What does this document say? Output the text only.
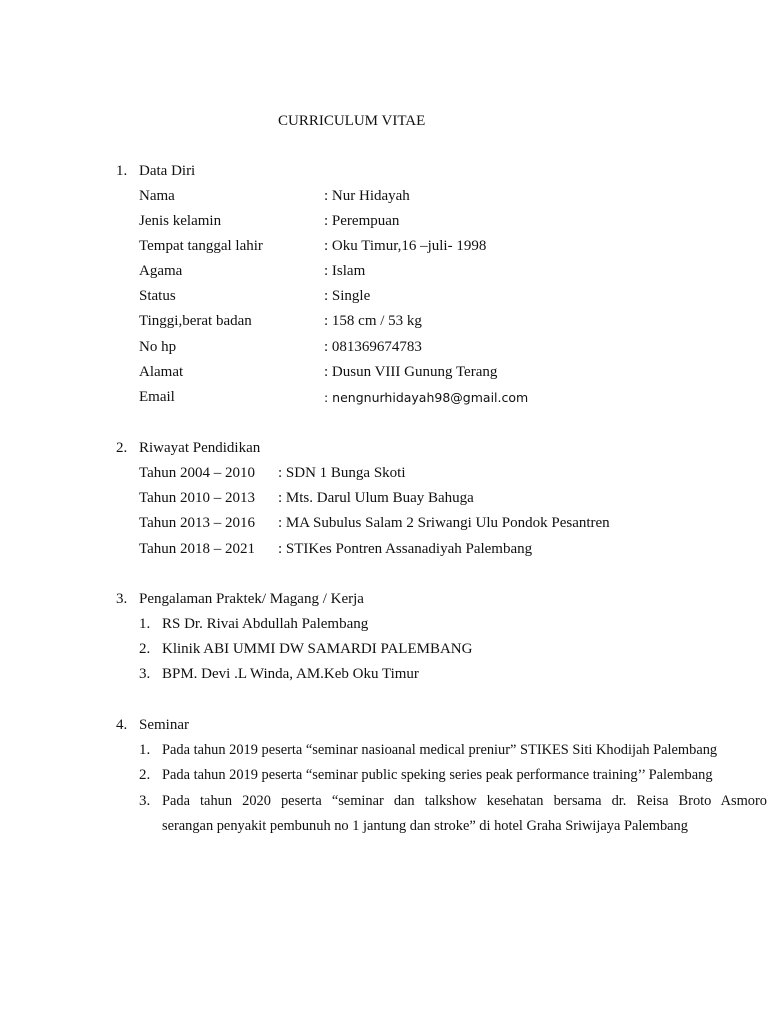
CURRICULUM VITAE
1. Data Diri
Nama	: Nur Hidayah
Jenis kelamin	: Perempuan
Tempat tanggal lahir	: Oku Timur,16 –juli- 1998
Agama	: Islam
Status	: Single
Tinggi,berat badan	: 158 cm / 53 kg
No hp	: 081369674783
Alamat	: Dusun VIII Gunung Terang
Email	: nengnurhidayah98@gmail.com
2. Riwayat Pendidikan
Tahun 2004 – 2010 : SDN 1 Bunga Skoti
Tahun 2010 – 2013 : Mts. Darul Ulum Buay Bahuga
Tahun 2013 – 2016 : MA Subulus Salam 2 Sriwangi Ulu Pondok Pesantren
Tahun 2018 – 2021 : STIKes Pontren Assanadiyah Palembang
3. Pengalaman Praktek/ Magang / Kerja
1. RS Dr. Rivai Abdullah Palembang
2. Klinik ABI UMMI DW SAMARDI PALEMBANG
3. BPM. Devi .L Winda, AM.Keb Oku Timur
4. Seminar
1. Pada tahun 2019 peserta “seminar nasioanal medical preniur” STIKES Siti Khodijah Palembang
2. Pada tahun 2019 peserta “seminar public speking series peak performance training’’ Palembang
3. Pada tahun 2020 peserta “seminar dan talkshow kesehatan bersama dr. Reisa Broto Asmoro
serangan penyakit pembunuh no 1 jantung dan stroke” di hotel Graha Sriwijaya Palembang
